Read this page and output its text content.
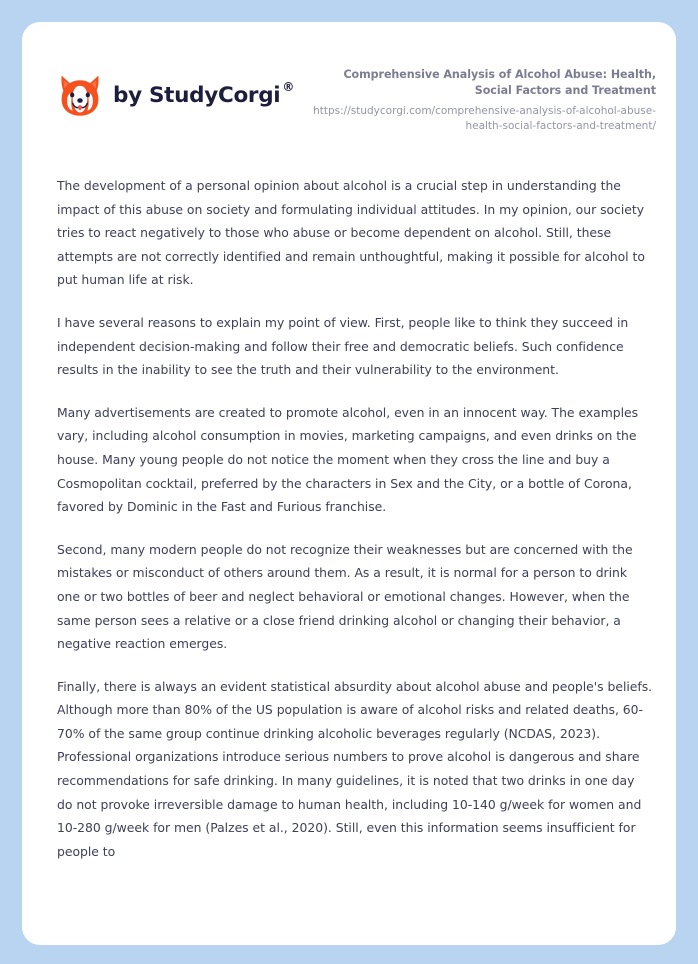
by StudyCorgi ®
Comprehensive Analysis of Alcohol Abuse: Health, Social Factors and Treatment
https://studycorgi.com/comprehensive-analysis-of-alcohol-abuse-health-social-factors-and-treatment/

The development of a personal opinion about alcohol is a crucial step in understanding the impact of this abuse on society and formulating individual attitudes. In my opinion, our society tries to react negatively to those who abuse or become dependent on alcohol. Still, these attempts are not correctly identified and remain unthoughtful, making it possible for alcohol to put human life at risk.

I have several reasons to explain my point of view. First, people like to think they succeed in independent decision-making and follow their free and democratic beliefs. Such confidence results in the inability to see the truth and their vulnerability to the environment.

Many advertisements are created to promote alcohol, even in an innocent way. The examples vary, including alcohol consumption in movies, marketing campaigns, and even drinks on the house. Many young people do not notice the moment when they cross the line and buy a Cosmopolitan cocktail, preferred by the characters in Sex and the City, or a bottle of Corona, favored by Dominic in the Fast and Furious franchise.

Second, many modern people do not recognize their weaknesses but are concerned with the mistakes or misconduct of others around them. As a result, it is normal for a person to drink one or two bottles of beer and neglect behavioral or emotional changes. However, when the same person sees a relative or a close friend drinking alcohol or changing their behavior, a negative reaction emerges.

Finally, there is always an evident statistical absurdity about alcohol abuse and people's beliefs. Although more than 80% of the US population is aware of alcohol risks and related deaths, 60-70% of the same group continue drinking alcoholic beverages regularly (NCDAS, 2023). Professional organizations introduce serious numbers to prove alcohol is dangerous and share recommendations for safe drinking. In many guidelines, it is noted that two drinks in one day do not provoke irreversible damage to human health, including 10-140 g/week for women and 10-280 g/week for men (Palzes et al., 2020). Still, even this information seems insufficient for people to
